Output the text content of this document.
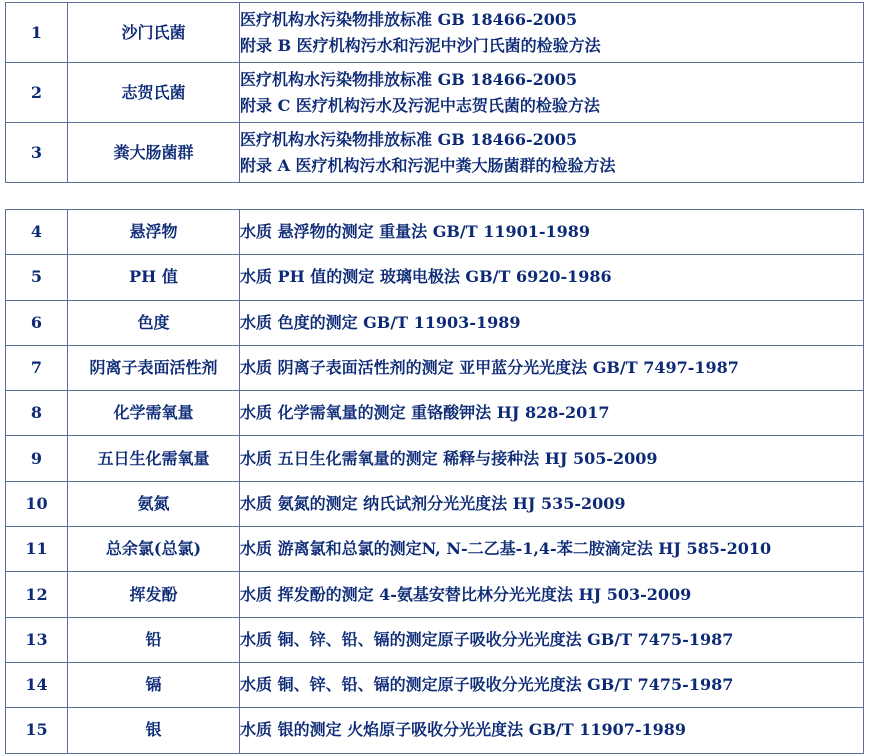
1	沙门氏菌	医疗机构水污染物排放标准 GB 18466-2005
附录 B 医疗机构污水和污泥中沙门氏菌的检验方法

2	志贺氏菌	医疗机构水污染物排放标准 GB 18466-2005
附录 C 医疗机构污水及污泥中志贺氏菌的检验方法

3	粪大肠菌群	医疗机构水污染物排放标准 GB 18466-2005
附录 A 医疗机构污水和污泥中粪大肠菌群的检验方法
4	悬浮物	水质 悬浮物的测定 重量法 GB/T 11901-1989
5	PH 值	水质 PH 值的测定 玻璃电极法 GB/T 6920-1986
6	色度	水质 色度的测定 GB/T 11903-1989
7	阴离子表面活性剂	水质 阴离子表面活性剂的测定 亚甲蓝分光光度法 GB/T 7497-1987
8	化学需氧量	水质 化学需氧量的测定 重铬酸钾法 HJ 828-2017
9	五日生化需氧量	水质 五日生化需氧量的测定 稀释与接种法 HJ 505-2009
10	氨氮	水质 氨氮的测定 纳氏试剂分光光度法 HJ 535-2009
11	总余氯(总氯)	水质 游离氯和总氯的测定N, N-二乙基-1,4-苯二胺滴定法 HJ 585-2010
12	挥发酚	水质 挥发酚的测定 4-氨基安替比林分光光度法 HJ 503-2009
13	铅	水质 铜、锌、铅、镉的测定原子吸收分光光度法 GB/T 7475-1987
14	镉	水质 铜、锌、铅、镉的测定原子吸收分光光度法 GB/T 7475-1987
15	银	水质 银的测定 火焰原子吸收分光光度法 GB/T 11907-1989
